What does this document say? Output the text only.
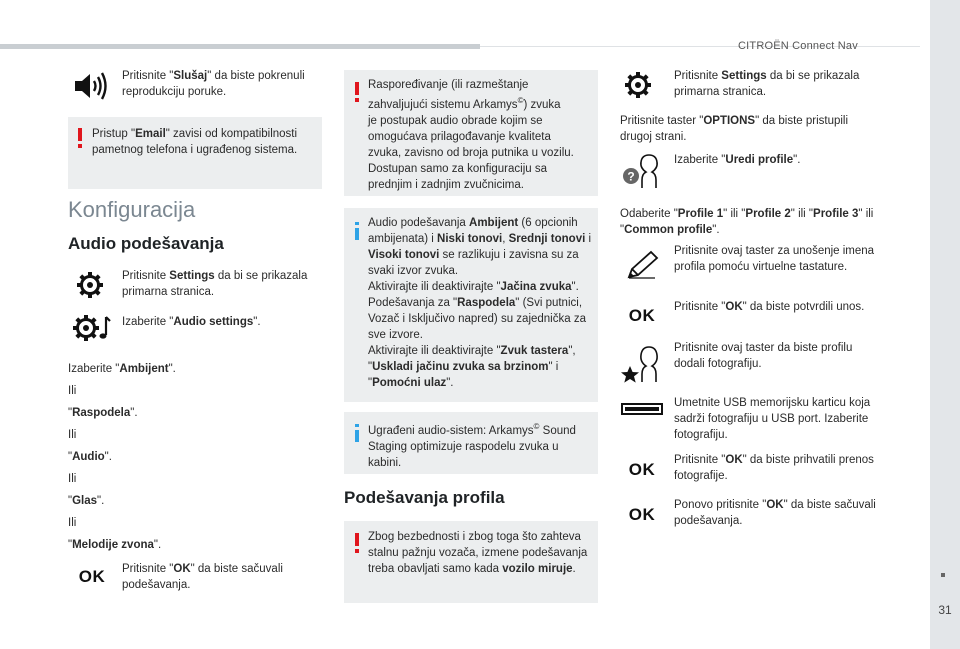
CITROËN Connect Nav
31
Pritisnite "Slušaj" da biste pokrenuli reprodukciju poruke.
Pristup "Email" zavisi od kompatibilnosti pametnog telefona i ugrađenog sistema.
Konfiguracija
Audio podešavanja
Pritisnite Settings da bi se prikazala primarna stranica.
Izaberite "Audio settings".
Izaberite "Ambijent".
Ili
"Raspodela".
Ili
"Audio".
Ili
"Glas".
Ili
"Melodije zvona".
OK	Pritisnite "OK" da biste sačuvali podešavanja.
Raspoređivanje (ili razmeštanje
zahvaljujući sistemu Arkamys©) zvuka
je postupak audio obrade kojim se
omogućava prilagođavanje kvaliteta
zvuka, zavisno od broja putnika u vozilu.
Dostupan samo za konfiguraciju sa
prednjim i zadnjim zvučnicima.
Audio podešavanja Ambijent (6 opcionih ambijenata) i Niski tonovi, Srednji tonovi i Visoki tonovi se razlikuju i zavisna su za svaki izvor zvuka.
Aktivirajte ili deaktivirajte "Jačina zvuka".
Podešavanja za "Raspodela" (Svi putnici, Vozač i Isključivo napred) su zajednička za sve izvore.
Aktivirajte ili deaktivirajte "Zvuk tastera", "Uskladi jačinu zvuka sa brzinom" i "Pomoćni ulaz".
Ugrađeni audio-sistem: Arkamys© Sound Staging optimizuje raspodelu zvuka u kabini.
Podešavanja profila
Zbog bezbednosti i zbog toga što zahteva stalnu pažnju vozača, izmene podešavanja treba obavljati samo kada vozilo miruje.
Pritisnite Settings da bi se prikazala primarna stranica.
Pritisnite taster "OPTIONS" da biste pristupili drugoj strani.
?
Izaberite "Uredi profile".
Odaberite "Profile 1" ili "Profile 2" ili "Profile 3" ili "Common profile".
Pritisnite ovaj taster za unošenje imena profila pomoću virtuelne tastature.
OK	Pritisnite "OK" da biste potvrdili unos.
Pritisnite ovaj taster da biste profilu dodali fotografiju.
Umetnite USB memorijsku karticu koja sadrži fotografiju u USB port. Izaberite fotografiju.
OK	Pritisnite "OK" da biste prihvatili prenos fotografije.
OK	Ponovo pritisnite "OK" da biste sačuvali podešavanja.
